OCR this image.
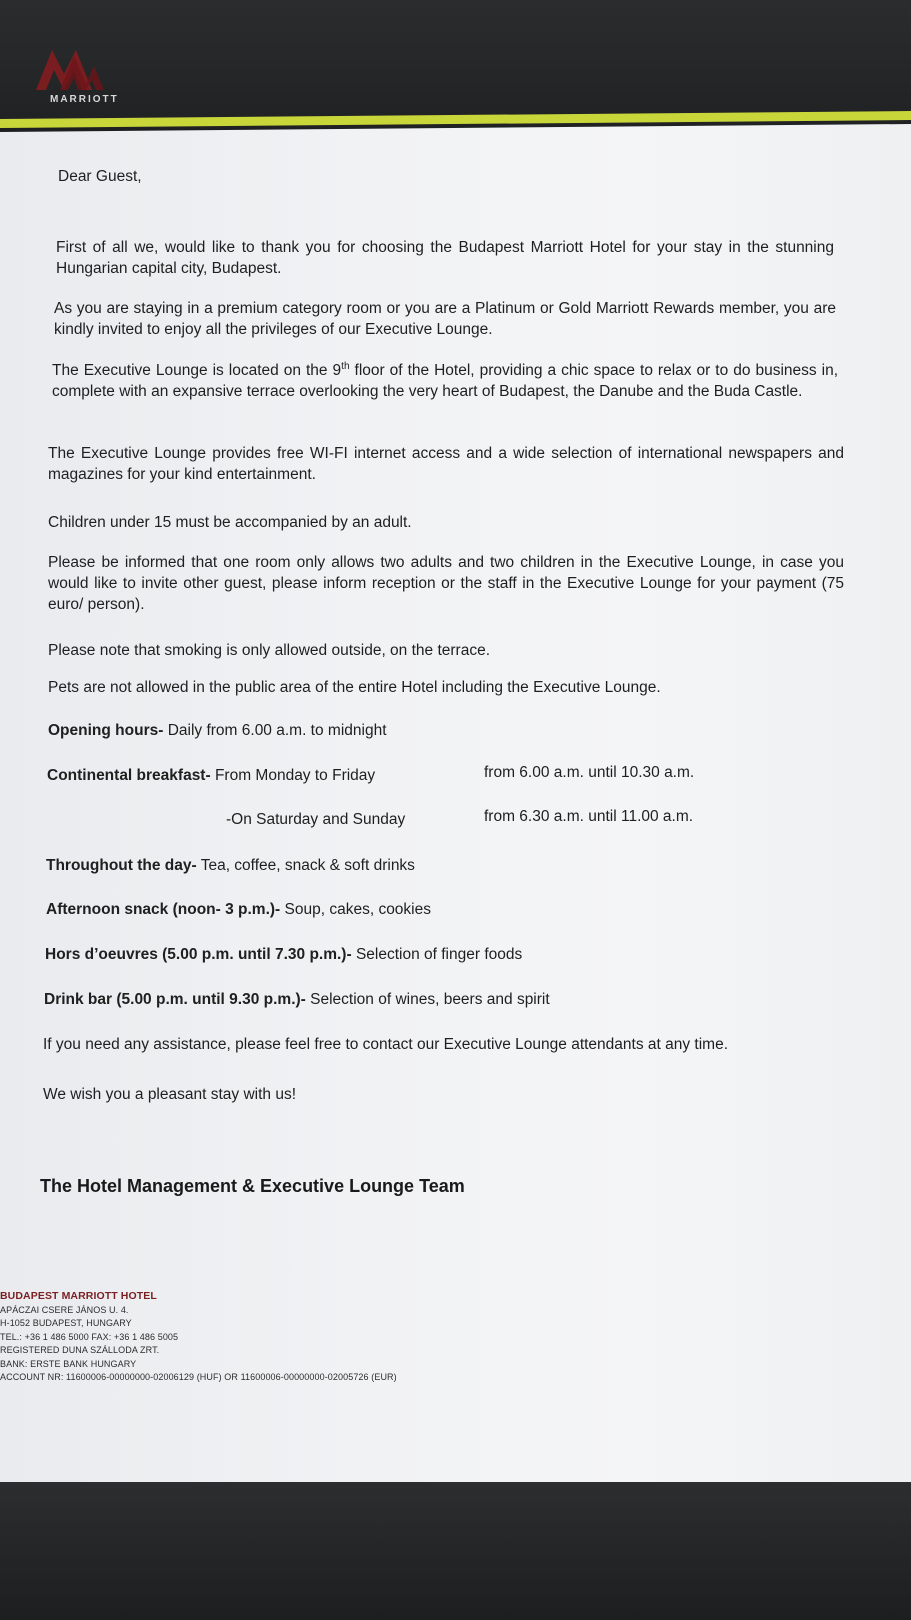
MARRIOTT

Dear Guest,

First of all we, would like to thank you for choosing the Budapest Marriott Hotel for your stay in the stunning Hungarian capital city, Budapest.

As you are staying in a premium category room or you are a Platinum or Gold Marriott Rewards member, you are kindly invited to enjoy all the privileges of our Executive Lounge.

The Executive Lounge is located on the 9th floor of the Hotel, providing a chic space to relax or to do business in, complete with an expansive terrace overlooking the very heart of Budapest, the Danube and the Buda Castle.

The Executive Lounge provides free WI-FI internet access and a wide selection of international newspapers and magazines for your kind entertainment.

Children under 15 must be accompanied by an adult.

Please be informed that one room only allows two adults and two children in the Executive Lounge, in case you would like to invite other guest, please inform reception or the staff in the Executive Lounge for your payment (75 euro/ person).

Please note that smoking is only allowed outside, on the terrace.

Pets are not allowed in the public area of the entire Hotel including the Executive Lounge.

Opening hours- Daily from 6.00 a.m. to midnight

Continental breakfast- From Monday to Friday	from 6.00 a.m. until 10.30 a.m.

-On Saturday and Sunday	from 6.30 a.m. until 11.00 a.m.

Throughout the day- Tea, coffee, snack & soft drinks

Afternoon snack (noon- 3 p.m.)- Soup, cakes, cookies

Hors d’oeuvres (5.00 p.m. until 7.30 p.m.)- Selection of finger foods

Drink bar (5.00 p.m. until 9.30 p.m.)- Selection of wines, beers and spirit

If you need any assistance, please feel free to contact our Executive Lounge attendants at any time.

We wish you a pleasant stay with us!

The Hotel Management & Executive Lounge Team
BUDAPEST MARRIOTT HOTEL
APÁCZAI CSERE JÁNOS U. 4.
H-1052 BUDAPEST, HUNGARY
TEL.: +36 1 486 5000 FAX: +36 1 486 5005
REGISTERED DUNA SZÁLLODA ZRT.
BANK: ERSTE BANK HUNGARY
ACCOUNT NR: 11600006-00000000-02006129 (HUF) OR 11600006-00000000-02005726 (EUR)
